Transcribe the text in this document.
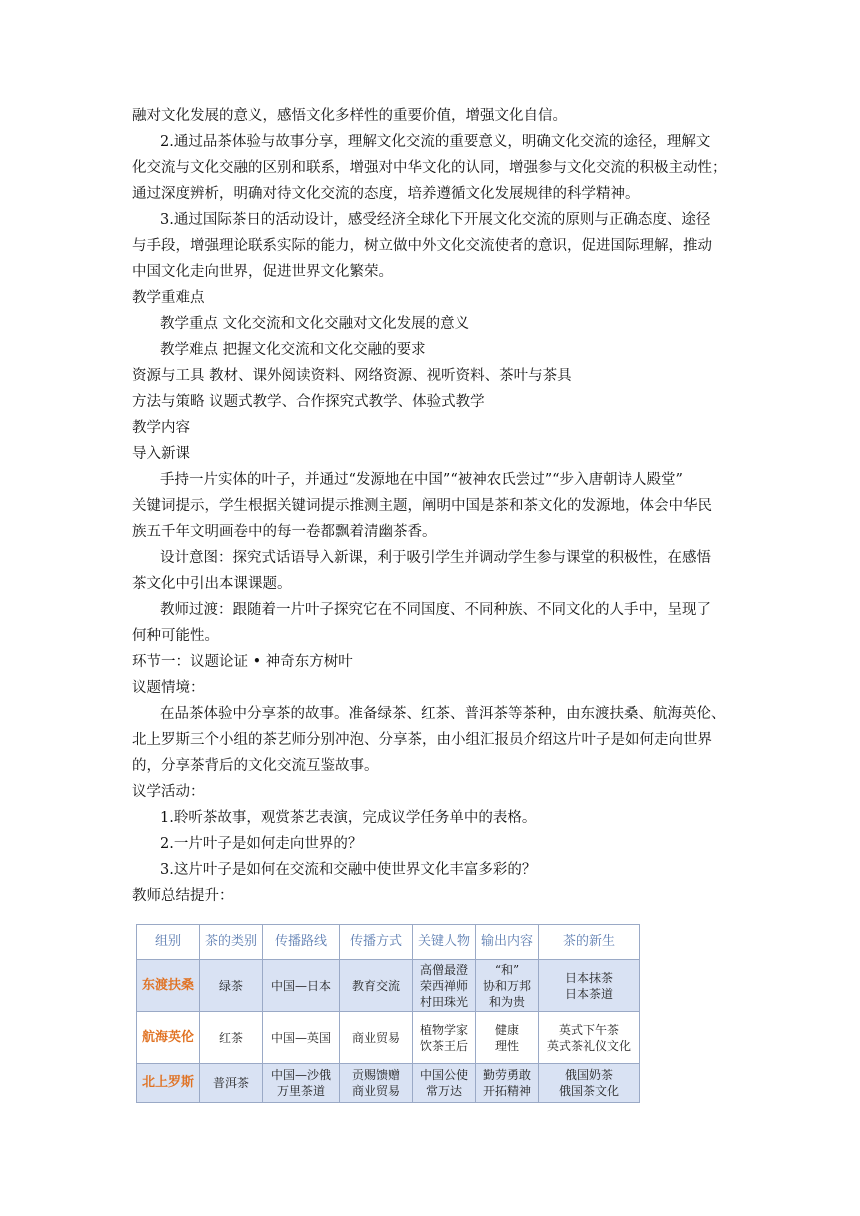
融对文化发展的意义，感悟文化多样性的重要价值，增强文化自信。
2.通过品茶体验与故事分享，理解文化交流的重要意义，明确文化交流的途径，理解文
化交流与文化交融的区别和联系，增强对中华文化的认同，增强参与文化交流的积极主动性；
通过深度辨析，明确对待文化交流的态度，培养遵循文化发展规律的科学精神。
3.通过国际茶日的活动设计，感受经济全球化下开展文化交流的原则与正确态度、途径
与手段，增强理论联系实际的能力，树立做中外文化交流使者的意识，促进国际理解，推动
中国文化走向世界，促进世界文化繁荣。
教学重难点
教学重点 文化交流和文化交融对文化发展的意义
教学难点 把握文化交流和文化交融的要求
资源与工具 教材、课外阅读资料、网络资源、视听资料、茶叶与茶具
方法与策略 议题式教学、合作探究式教学、体验式教学
教学内容
导入新课
手持一片实体的叶子，并通过“发源地在中国”“被神农氏尝过”“步入唐朝诗人殿堂”
关键词提示，学生根据关键词提示推测主题，阐明中国是茶和茶文化的发源地，体会中华民
族五千年文明画卷中的每一卷都飘着清幽茶香。
设计意图：探究式话语导入新课，利于吸引学生并调动学生参与课堂的积极性，在感悟
茶文化中引出本课课题。
教师过渡：跟随着一片叶子探究它在不同国度、不同种族、不同文化的人手中，呈现了
何种可能性。
环节一：议题论证 • 神奇东方树叶
议题情境：
在品茶体验中分享茶的故事。准备绿茶、红茶、普洱茶等茶种，由东渡扶桑、航海英伦、
北上罗斯三个小组的茶艺师分别冲泡、分享茶，由小组汇报员介绍这片叶子是如何走向世界
的，分享茶背后的文化交流互鉴故事。
议学活动：
1.聆听茶故事，观赏茶艺表演，完成议学任务单中的表格。
2.一片叶子是如何走向世界的？
3.这片叶子是如何在交流和交融中使世界文化丰富多彩的？
教师总结提升：
组别	茶的类别	传播路线	传播方式	关键人物	输出内容	茶的新生
东渡扶桑	绿茶	中国—日本	教育交流	高僧最澄
荣西禅师
村田珠光	“和”
协和万邦
和为贵	日本抹茶
日本茶道

航海英伦	红茶	中国—英国	商业贸易	植物学家
饮茶王后	健康
理性	英式下午茶
英式茶礼仪文化

北上罗斯	普洱茶	中国—沙俄
万里茶道	贡赐馈赠
商业贸易	中国公使
常万达	勤劳勇敢
开拓精神	俄国奶茶
俄国茶文化
